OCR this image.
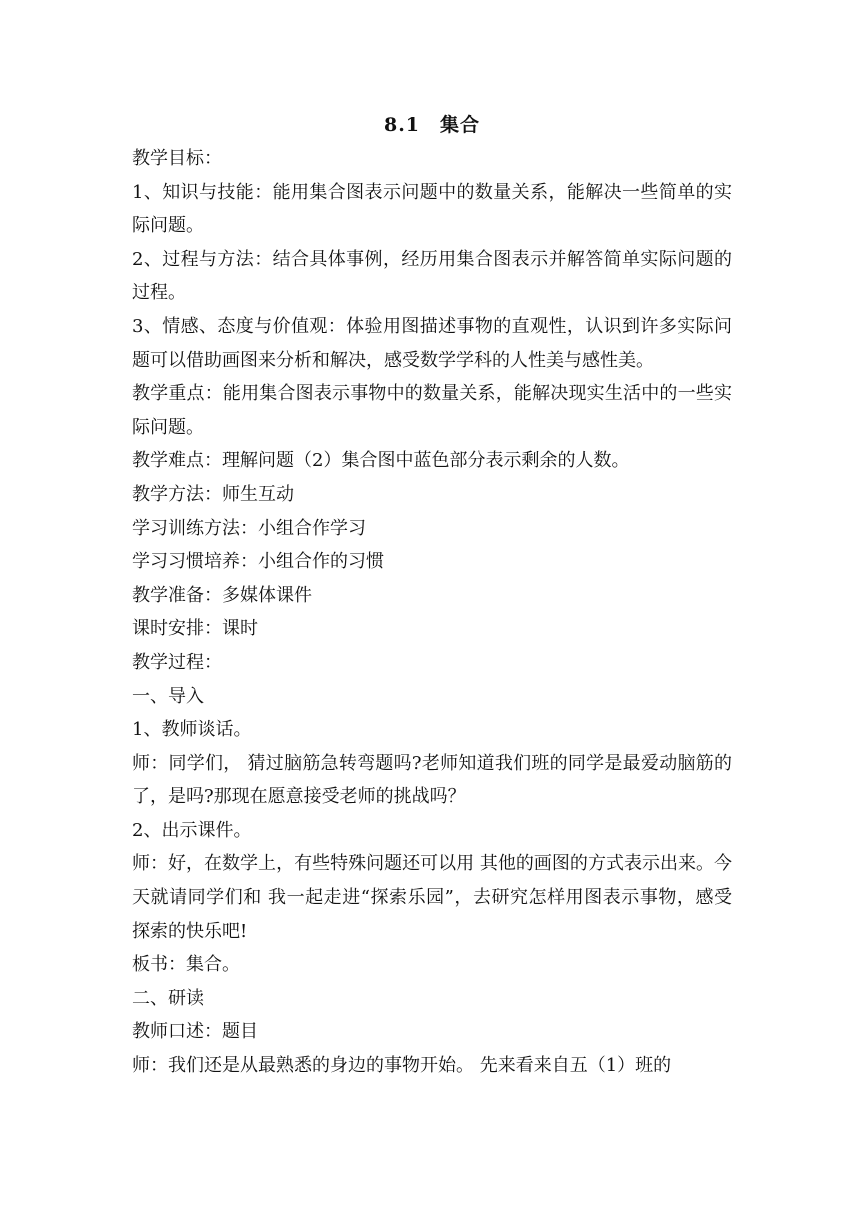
8.1　集合

教学目标：

1、知识与技能：能用集合图表示问题中的数量关系，能解决一些简单的实际问题。

2、过程与方法：结合具体事例，经历用集合图表示并解答简单实际问题的过程。

3、情感、态度与价值观：体验用图描述事物的直观性，认识到许多实际问题可以借助画图来分析和解决，感受数学学科的人性美与感性美。

教学重点：能用集合图表示事物中的数量关系，能解决现实生活中的一些实际问题。

教学难点：理解问题（2）集合图中蓝色部分表示剩余的人数。

教学方法：师生互动

学习训练方法：小组合作学习

学习习惯培养：小组合作的习惯

教学准备：多媒体课件

课时安排：课时

教学过程：

一、导入

1、教师谈话。

师：同学们， 猜过脑筋急转弯题吗?老师知道我们班的同学是最爱动脑筋的了，是吗?那现在愿意接受老师的挑战吗？

2、出示课件。

师：好，在数学上，有些特殊问题还可以用 其他的画图的方式表示出来。今天就请同学们和 我一起走进“探索乐园”，去研究怎样用图表示事物，感受探索的快乐吧!

板书：集合。

二、研读

教师口述：题目

师：我们还是从最熟悉的身边的事物开始。 先来看来自五（1）班的
